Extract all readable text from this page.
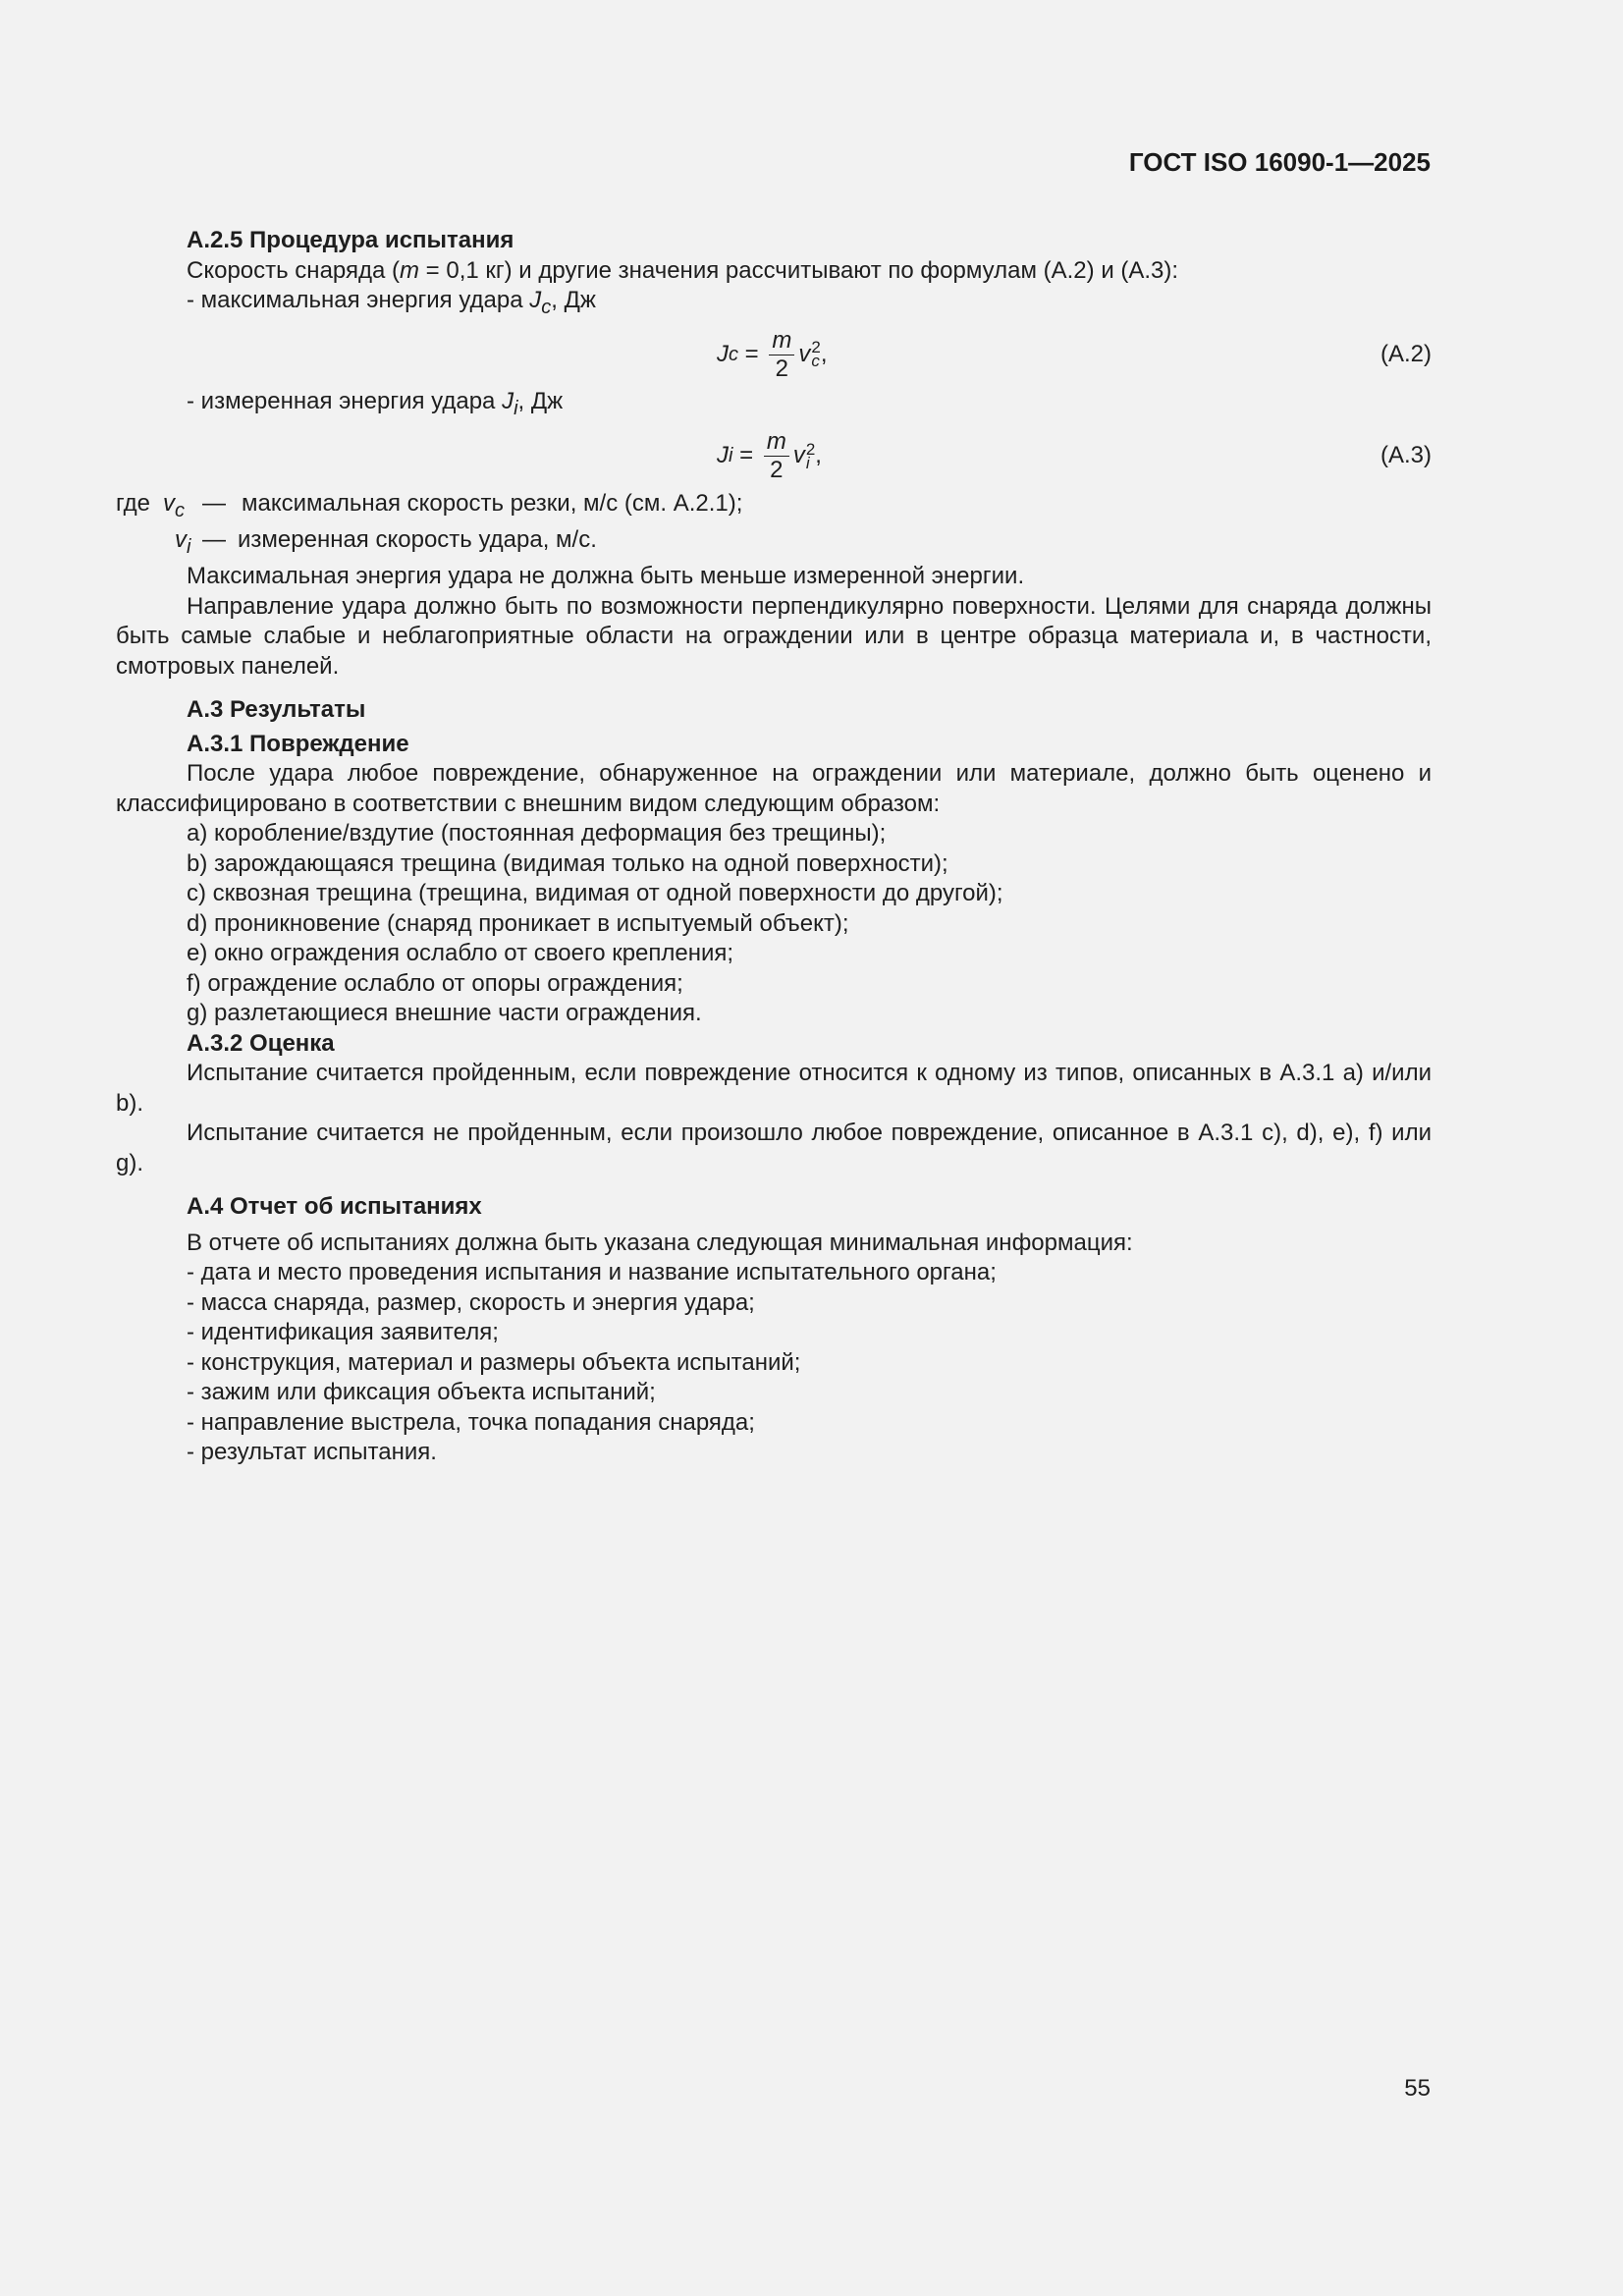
ГОСТ ISO 16090-1—2025

А.2.5 Процедура испытания

Скорость снаряда (m = 0,1 кг) и другие значения рассчитывают по формулам (А.2) и (А.3):

- максимальная энергия удара $J_c$, Дж

J $c = \frac{m}{2}$ v 2
c ,	(А.2)

- измеренная энергия удара $J_i$, Дж

J $i = \frac{m}{2}$ v 2
i ,	(А.3)
где $v_c$ — максимальная скорость резки, м/с (см. А.2.1);
$v_i$ — измеренная скорость удара, м/с.

Максимальная энергия удара не должна быть меньше измеренной энергии.

Направление удара должно быть по возможности перпендикулярно поверхности. Целями для снаряда должны быть самые слабые и неблагоприятные области на ограждении или в центре образца материала и, в частности, смотровых панелей.

А.3 Результаты

А.3.1 Повреждение

После удара любое повреждение, обнаруженное на ограждении или материале, должно быть оценено и классифицировано в соответствии с внешним видом следующим образом:

a) коробление/вздутие (постоянная деформация без трещины);

b) зарождающаяся трещина (видимая только на одной поверхности);

c) сквозная трещина (трещина, видимая от одной поверхности до другой);

d) проникновение (снаряд проникает в испытуемый объект);

e) окно ограждения ослабло от своего крепления;

f) ограждение ослабло от опоры ограждения;

g) разлетающиеся внешние части ограждения.

А.3.2 Оценка

Испытание считается пройденным, если повреждение относится к одному из типов, описанных в А.3.1 a) и/или b).

Испытание считается не пройденным, если произошло любое повреждение, описанное в А.3.1 c), d), e), f) или g).

А.4 Отчет об испытаниях

В отчете об испытаниях должна быть указана следующая минимальная информация:

- дата и место проведения испытания и название испытательного органа;

- масса снаряда, размер, скорость и энергия удара;

- идентификация заявителя;

- конструкция, материал и размеры объекта испытаний;

- зажим или фиксация объекта испытаний;

- направление выстрела, точка попадания снаряда;

- результат испытания.

55
